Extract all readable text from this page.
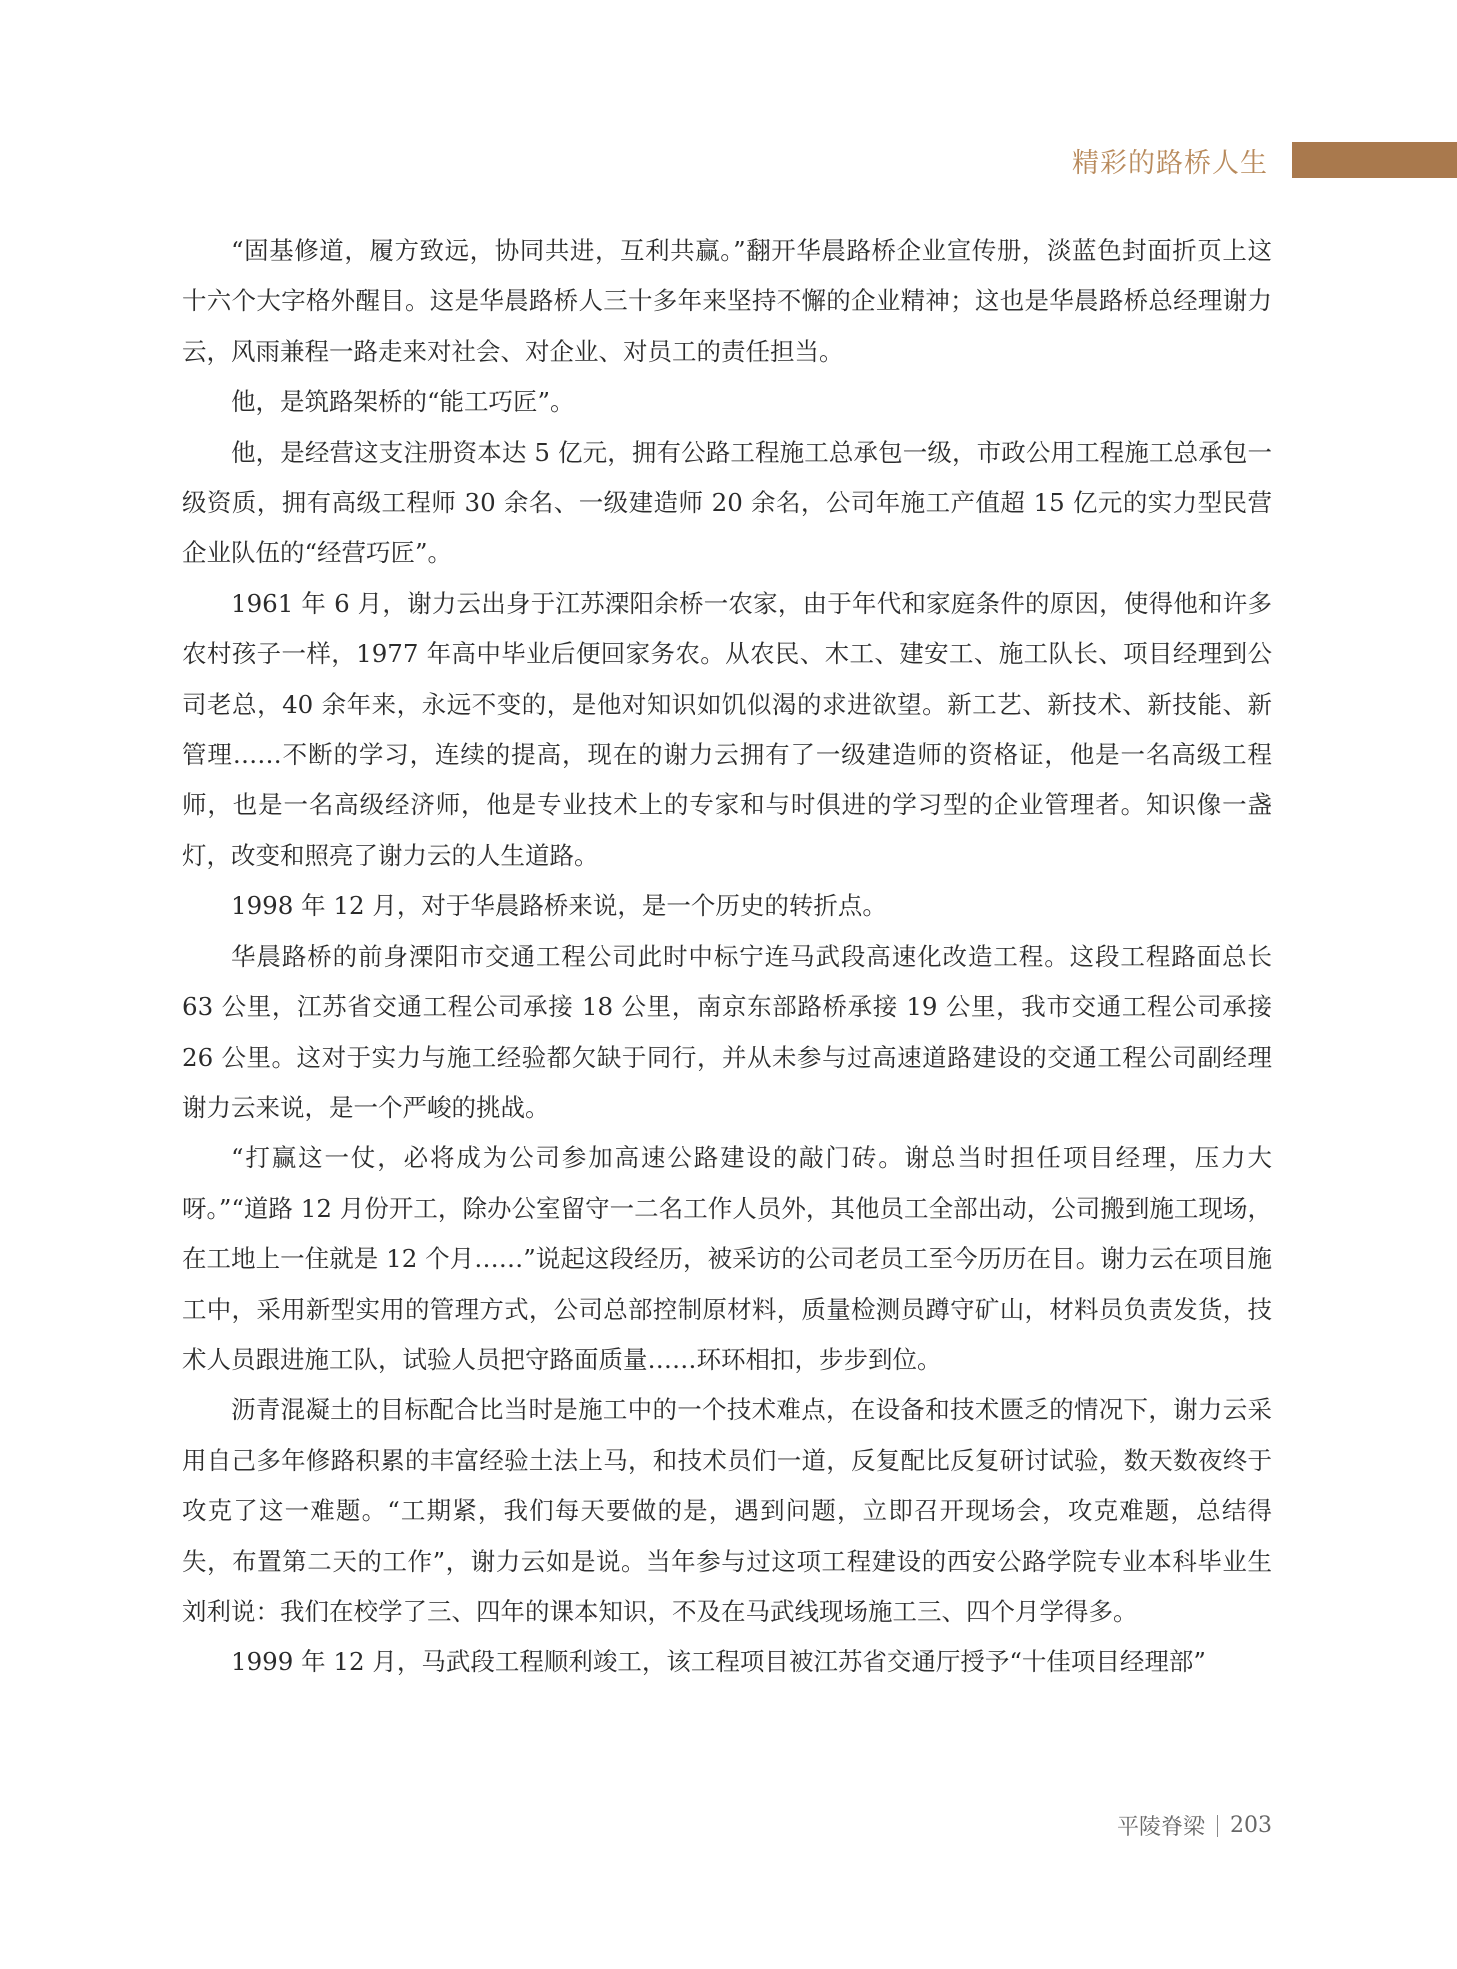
精彩的路桥人生

“固基修道，履方致远，协同共进，互利共赢。”翻开华晨路桥企业宣传册，淡蓝色封面折页上这十六个大字格外醒目。这是华晨路桥人三十多年来坚持不懈的企业精神；这也是华晨路桥总经理谢力云，风雨兼程一路走来对社会、对企业、对员工的责任担当。

他，是筑路架桥的“能工巧匠”。

他，是经营这支注册资本达 5 亿元，拥有公路工程施工总承包一级，市政公用工程施工总承包一级资质，拥有高级工程师 30 余名、一级建造师 20 余名，公司年施工产值超 15 亿元的实力型民营企业队伍的“经营巧匠”。

1961 年 6 月，谢力云出身于江苏溧阳余桥一农家，由于年代和家庭条件的原因，使得他和许多农村孩子一样，1977 年高中毕业后便回家务农。从农民、木工、建安工、施工队长、项目经理到公司老总，40 余年来，永远不变的，是他对知识如饥似渴的求进欲望。新工艺、新技术、新技能、新管理……不断的学习，连续的提高，现在的谢力云拥有了一级建造师的资格证，他是一名高级工程师，也是一名高级经济师，他是专业技术上的专家和与时俱进的学习型的企业管理者。知识像一盏灯，改变和照亮了谢力云的人生道路。

1998 年 12 月，对于华晨路桥来说，是一个历史的转折点。

华晨路桥的前身溧阳市交通工程公司此时中标宁连马武段高速化改造工程。这段工程路面总长 63 公里，江苏省交通工程公司承接 18 公里，南京东部路桥承接 19 公里，我市交通工程公司承接 26 公里。这对于实力与施工经验都欠缺于同行，并从未参与过高速道路建设的交通工程公司副经理谢力云来说，是一个严峻的挑战。

“打赢这一仗，必将成为公司参加高速公路建设的敲门砖。谢总当时担任项目经理，压力大呀。”“道路 12 月份开工，除办公室留守一二名工作人员外，其他员工全部出动，公司搬到施工现场，在工地上一住就是 12 个月……”说起这段经历，被采访的公司老员工至今历历在目。谢力云在项目施工中，采用新型实用的管理方式，公司总部控制原材料，质量检测员蹲守矿山，材料员负责发货，技术人员跟进施工队，试验人员把守路面质量……环环相扣，步步到位。

沥青混凝土的目标配合比当时是施工中的一个技术难点，在设备和技术匮乏的情况下，谢力云采用自己多年修路积累的丰富经验土法上马，和技术员们一道，反复配比反复研讨试验，数天数夜终于攻克了这一难题。“工期紧，我们每天要做的是，遇到问题，立即召开现场会，攻克难题，总结得失，布置第二天的工作”，谢力云如是说。当年参与过这项工程建设的西安公路学院专业本科毕业生刘利说：我们在校学了三、四年的课本知识，不及在马武线现场施工三、四个月学得多。

1999 年 12 月，马武段工程顺利竣工，该工程项目被江苏省交通厅授予“十佳项目经理部”

平陵脊梁 203
